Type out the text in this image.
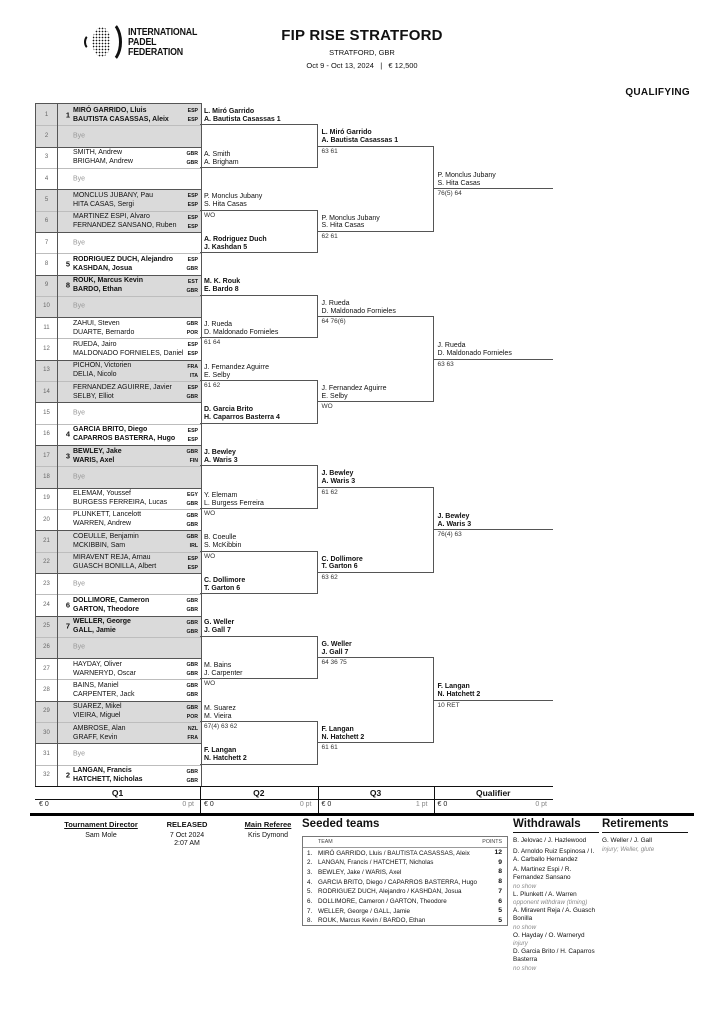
INTERNATIONAL
PADEL
FEDERATION
FIP RISE STRATFORD
STRATFORD, GBR
Oct 9 - Oct 13, 2024 | € 12,500
QUALIFYING
1	1
MIRÓ GARRIDO, Lluis
BAUTISTA CASASSAS, Aleix
ESP
ESP
2	Bye
3
SMITH, Andrew
BRIGHAM, Andrew
GBR
GBR
4	Bye
5
MONCLUS JUBANY, Pau
HITA CASAS, Sergi
ESP
ESP
6
MARTINEZ ESPI, Alvaro
FERNANDEZ SANSANO, Ruben
ESP
ESP
7	Bye
8	5
RODRIGUEZ DUCH, Alejandro
KASHDAN, Josua
ESP
GBR
9	8
ROUK, Marcus Kevin
BARDO, Ethan
EST
GBR
10	Bye
11
ZAHUI, Steven
DUARTE, Bernardo
GBR
POR
12
RUEDA, Jairo
MALDONADO FORNIELES, Daniel
ESP
ESP
13
PICHON, Victorien
DELIA, Nicolo
FRA
ITA
14
FERNANDEZ AGUIRRE, Javier
SELBY, Elliot
ESP
GBR
15	Bye
16	4
GARCIA BRITO, Diego
CAPARROS BASTERRA, Hugo
ESP
ESP
17	3
BEWLEY, Jake
WARIS, Axel
GBR
FIN
18	Bye
19
ELEMAM, Youssef
BURGESS FERREIRA, Lucas
EGY
GBR
20
PLUNKETT, Lancelott
WARREN, Andrew
GBR
GBR
21
COEULLE, Benjamin
MCKIBBIN, Sam
GBR
IRL
22
MIRAVENT REJA, Arnau
GUASCH BONILLA, Albert
ESP
ESP
23	Bye
24	6
DOLLIMORE, Cameron
GARTON, Theodore
GBR
GBR
25	7
WELLER, George
GALL, Jamie
GBR
GBR
26	Bye
27
HAYDAY, Oliver
WARNERYD, Oscar
GBR
GBR
28
BAINS, Maniel
CARPENTER, Jack
GBR
GBR
29
SUAREZ, Mikel
VIEIRA, Miguel
GBR
POR
30
AMBROSE, Alan
GRAFF, Kevin
NZL
FRA
31	Bye
32	2
LANGAN, Francis
HATCHETT, Nicholas
GBR
GBR
L. Miró Garrido
A. Bautista Casassas 1
A. Smith
A. Brigham
P. Monclus Jubany
S. Hita Casas
WO
A. Rodriguez Duch
J. Kashdan 5
M. K. Rouk
E. Bardo 8
J. Rueda
D. Maldonado Fornieles
61 64
J. Fernandez Aguirre
E. Selby
61 62
D. Garcia Brito
H. Caparros Basterra 4
J. Bewley
A. Waris 3
Y. Elemam
L. Burgess Ferreira
WO
B. Coeulle
S. McKibbin
WO
C. Dollimore
T. Garton 6
G. Weller
J. Gall 7
M. Bains
J. Carpenter
WO
M. Suarez
M. Vieira
67(4) 63 62
F. Langan
N. Hatchett 2
L. Miró Garrido
A. Bautista Casassas 1
63 61
P. Monclus Jubany
S. Hita Casas
62 61
J. Rueda
D. Maldonado Fornieles
64 76(6)
J. Fernandez Aguirre
E. Selby
WO
J. Bewley
A. Waris 3
61 62
C. Dollimore
T. Garton 6
63 62
G. Weller
J. Gall 7
64 36 75
F. Langan
N. Hatchett 2
61 61
P. Monclus Jubany
S. Hita Casas
76(5) 64
J. Rueda
D. Maldonado Fornieles
63 63
J. Bewley
A. Waris 3
76(4) 63
F. Langan
N. Hatchett 2
10 RET
Q1
€ 0	0 pt
Q2
€ 0	0 pt
Q3
€ 0	1 pt
Qualifier
€ 0	0 pt
Tournament Director
Sam Mole
RELEASED
7 Oct 2024
2:07 AM
Main Referee
Kris Dymond
Seeded teams
TEAM	POINTS
1. MIRÓ GARRIDO, Lluis / BAUTISTA CASASSAS, Aleix	12
2. LANGAN, Francis / HATCHETT, Nicholas	9
3. BEWLEY, Jake / WARIS, Axel	8
4. GARCIA BRITO, Diego / CAPARROS BASTERRA, Hugo	8
5. RODRIGUEZ DUCH, Alejandro / KASHDAN, Josua	7
6. DOLLIMORE, Cameron / GARTON, Theodore	6
7. WELLER, George / GALL, Jamie	5
8. ROUK, Marcus Kevin / BARDO, Ethan	5
Withdrawals
B. Jelovac / J. Hazlewood
D. Arnoldo Ruiz Espinosa / I. A. Carballo Hernandez
A. Martinez Espi / R. Fernandez Sansano
no show
L. Plunkett / A. Warren
opponent withdraw (timing)
A. Miravent Reja / A. Guasch Bonilla
no show
O. Hayday / O. Warneryd
injury
D. Garcia Brito / H. Caparros Basterra
no show
Retirements
G. Weller / J. Gall
injury; Weller, glute
